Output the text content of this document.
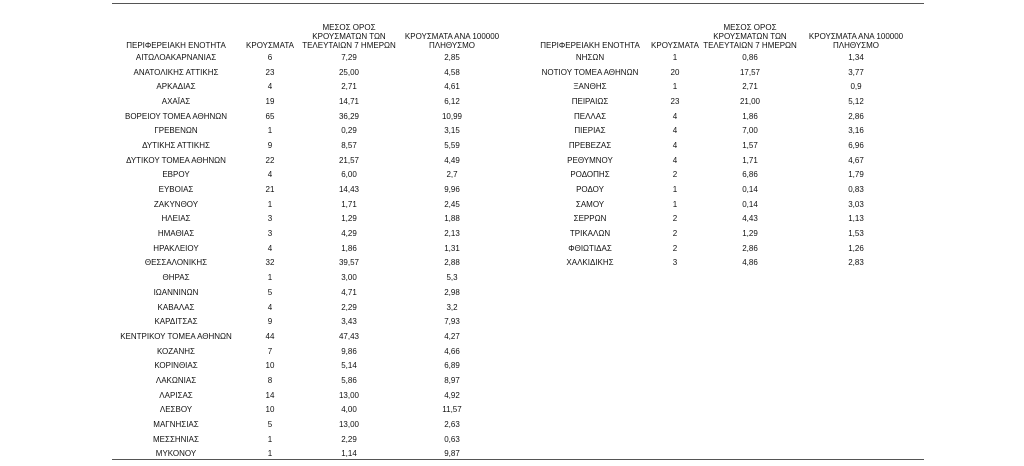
ΠΕΡΙΦΕΡΕΙΑΚΗ ΕΝΟΤΗΤΑ	ΚΡΟΥΣΜΑΤΑ	ΜΕΣΟΣ ΟΡΟΣ ΚΡΟΥΣΜΑΤΩΝ ΤΩΝ ΤΕΛΕΥΤΑΙΩΝ 7 ΗΜΕΡΩΝ	ΚΡΟΥΣΜΑΤΑ ΑΝΑ 100000 ΠΛΗΘΥΣΜΟ
ΑΙΤΩΛΟΑΚΑΡΝΑΝΙΑΣ	6	7,29	2,85
ΑΝΑΤΟΛΙΚΗΣ ΑΤΤΙΚΗΣ	23	25,00	4,58
ΑΡΚΑΔΙΑΣ	4	2,71	4,61
ΑΧΑΪΑΣ	19	14,71	6,12
ΒΟΡΕΙΟΥ ΤΟΜΕΑ ΑΘΗΝΩΝ	65	36,29	10,99
ΓΡΕΒΕΝΩΝ	1	0,29	3,15
ΔΥΤΙΚΗΣ ΑΤΤΙΚΗΣ	9	8,57	5,59
ΔΥΤΙΚΟΥ ΤΟΜΕΑ ΑΘΗΝΩΝ	22	21,57	4,49
ΕΒΡΟΥ	4	6,00	2,7
ΕΥΒΟΙΑΣ	21	14,43	9,96
ΖΑΚΥΝΘΟΥ	1	1,71	2,45
ΗΛΕΙΑΣ	3	1,29	1,88
ΗΜΑΘΙΑΣ	3	4,29	2,13
ΗΡΑΚΛΕΙΟΥ	4	1,86	1,31
ΘΕΣΣΑΛΟΝΙΚΗΣ	32	39,57	2,88
ΘΗΡΑΣ	1	3,00	5,3
ΙΩΑΝΝΙΝΩΝ	5	4,71	2,98
ΚΑΒΑΛΑΣ	4	2,29	3,2
ΚΑΡΔΙΤΣΑΣ	9	3,43	7,93
ΚΕΝΤΡΙΚΟΥ ΤΟΜΕΑ ΑΘΗΝΩΝ	44	47,43	4,27
ΚΟΖΑΝΗΣ	7	9,86	4,66
ΚΟΡΙΝΘΙΑΣ	10	5,14	6,89
ΛΑΚΩΝΙΑΣ	8	5,86	8,97
ΛΑΡΙΣΑΣ	14	13,00	4,92
ΛΕΣΒΟΥ	10	4,00	11,57
ΜΑΓΝΗΣΙΑΣ	5	13,00	2,63
ΜΕΣΣΗΝΙΑΣ	1	2,29	0,63
ΜΥΚΟΝΟΥ	1	1,14	9,87
ΠΕΡΙΦΕΡΕΙΑΚΗ ΕΝΟΤΗΤΑ	ΚΡΟΥΣΜΑΤΑ	ΜΕΣΟΣ ΟΡΟΣ ΚΡΟΥΣΜΑΤΩΝ ΤΩΝ ΤΕΛΕΥΤΑΙΩΝ 7 ΗΜΕΡΩΝ	ΚΡΟΥΣΜΑΤΑ ΑΝΑ 100000 ΠΛΗΘΥΣΜΟ
ΝΗΣΩΝ	1	0,86	1,34
ΝΟΤΙΟΥ ΤΟΜΕΑ ΑΘΗΝΩΝ	20	17,57	3,77
ΞΑΝΘΗΣ	1	2,71	0,9
ΠΕΙΡΑΙΩΣ	23	21,00	5,12
ΠΕΛΛΑΣ	4	1,86	2,86
ΠΙΕΡΙΑΣ	4	7,00	3,16
ΠΡΕΒΕΖΑΣ	4	1,57	6,96
ΡΕΘΥΜΝΟΥ	4	1,71	4,67
ΡΟΔΟΠΗΣ	2	6,86	1,79
ΡΟΔΟΥ	1	0,14	0,83
ΣΑΜΟΥ	1	0,14	3,03
ΣΕΡΡΩΝ	2	4,43	1,13
ΤΡΙΚΑΛΩΝ	2	1,29	1,53
ΦΘΙΩΤΙΔΑΣ	2	2,86	1,26
ΧΑΛΚΙΔΙΚΗΣ	3	4,86	2,83
